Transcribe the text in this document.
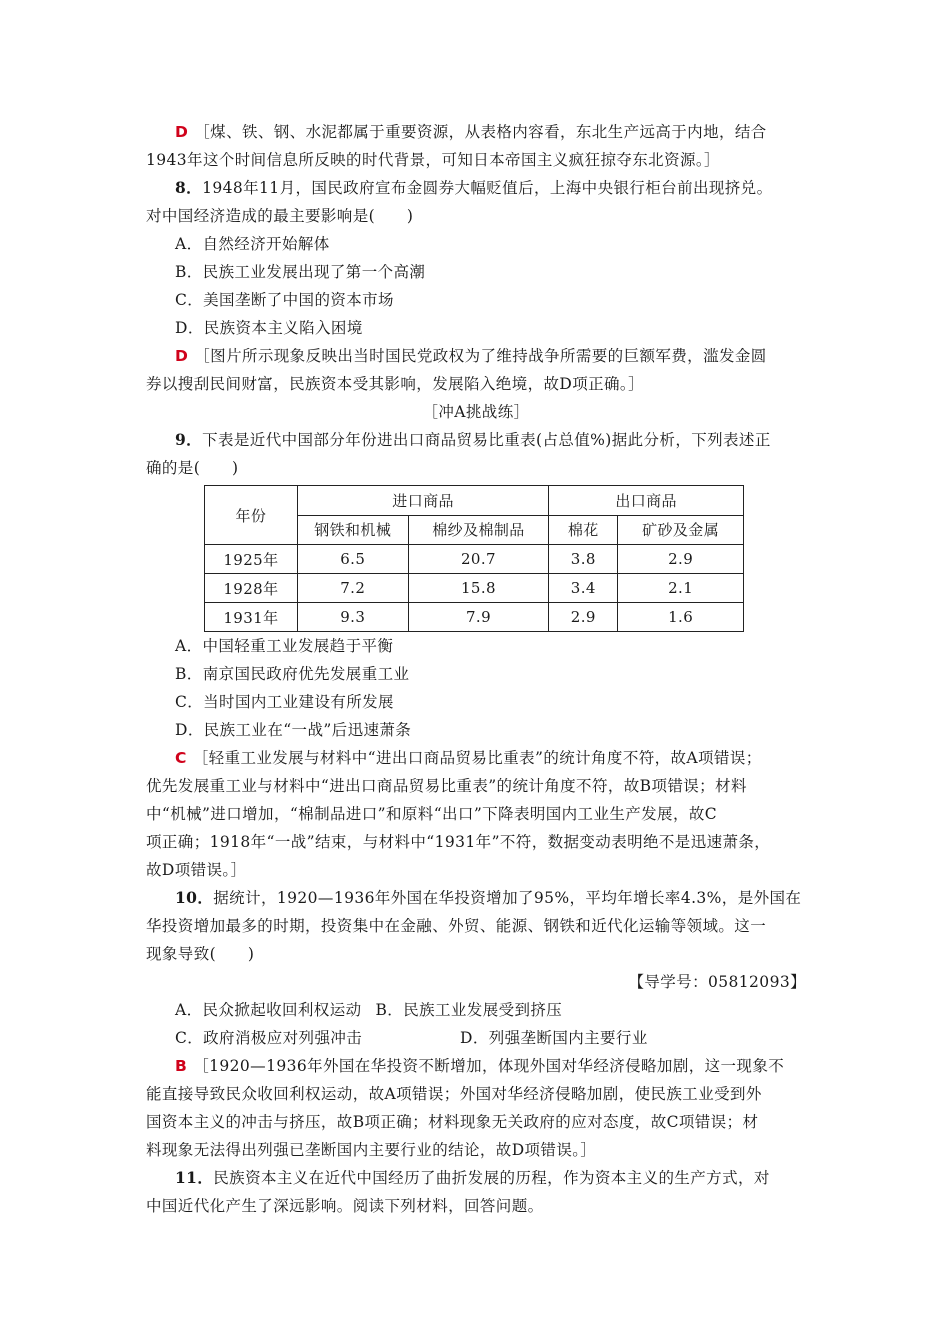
D ［煤、铁、钢、水泥都属于重要资源，从表格内容看，东北生产远高于内地，结合
1943年这个时间信息所反映的时代背景，可知日本帝国主义疯狂掠夺东北资源。］
8．1948年11月，国民政府宣布金圆券大幅贬值后，上海中央银行柜台前出现挤兑。
对中国经济造成的最主要影响是(　　)
A．自然经济开始解体
B．民族工业发展出现了第一个高潮
C．美国垄断了中国的资本市场
D．民族资本主义陷入困境
D ［图片所示现象反映出当时国民党政权为了维持战争所需要的巨额军费，滥发金圆
券以搜刮民间财富，民族资本受其影响，发展陷入绝境，故D项正确。］
［冲A挑战练］
9．下表是近代中国部分年份进出口商品贸易比重表(占总值%)据此分析，下列表述正
确的是(　　)
年份	进口商品		出口商品	
	钢铁和机械	棉纱及棉制品	棉花	矿砂及金属
1925年	6.5	20.7	3.8	2.9
1928年	7.2	15.8	3.4	2.1
1931年	9.3	7.9	2.9	1.6
A．中国轻重工业发展趋于平衡
B．南京国民政府优先发展重工业
C．当时国内工业建设有所发展
D．民族工业在“一战”后迅速萧条
C ［轻重工业发展与材料中“进出口商品贸易比重表”的统计角度不符，故A项错误；
优先发展重工业与材料中“进出口商品贸易比重表”的统计角度不符，故B项错误；材料
中“机械”进口增加，“棉制品进口”和原料“出口”下降表明国内工业生产发展，故C
项正确；1918年“一战”结束，与材料中“1931年”不符，数据变动表明绝不是迅速萧条，
故D项错误。］
10．据统计，1920—1936年外国在华投资增加了95%，平均年增长率4.3%，是外国在
华投资增加最多的时期，投资集中在金融、外贸、能源、钢铁和近代化运输等领域。这一
现象导致(　　)
【导学号：05812093】
A．民众掀起收回利权运动 B．民族工业发展受到挤压
C．政府消极应对列强冲击	D．列强垄断国内主要行业
B ［1920—1936年外国在华投资不断增加，体现外国对华经济侵略加剧，这一现象不
能直接导致民众收回利权运动，故A项错误；外国对华经济侵略加剧，使民族工业受到外
国资本主义的冲击与挤压，故B项正确；材料现象无关政府的应对态度，故C项错误；材
料现象无法得出列强已垄断国内主要行业的结论，故D项错误。］
11．民族资本主义在近代中国经历了曲折发展的历程，作为资本主义的生产方式，对
中国近代化产生了深远影响。阅读下列材料，回答问题。
